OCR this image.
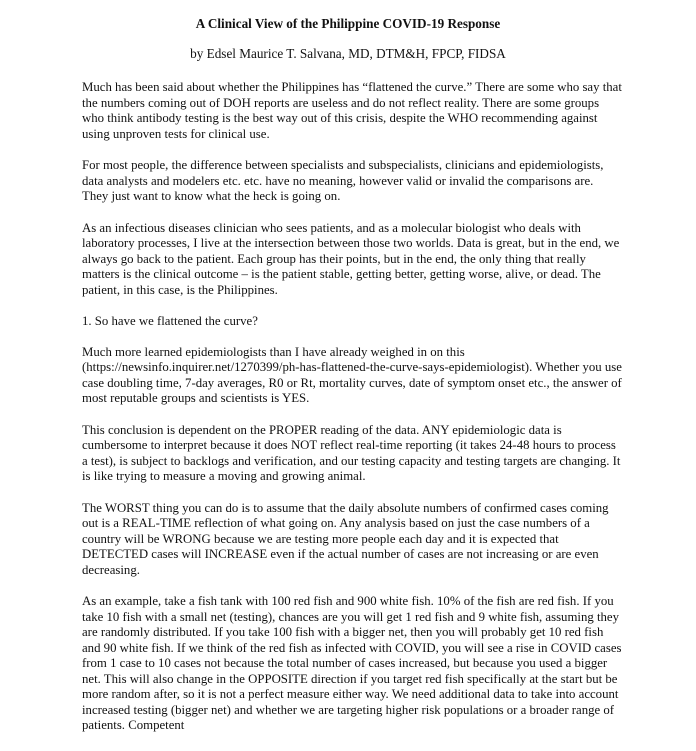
A Clinical View of the Philippine COVID-19 Response
by Edsel Maurice T. Salvana, MD, DTM&H, FPCP, FIDSA

Much has been said about whether the Philippines has “flattened the curve.” There are some who say that the numbers coming out of DOH reports are useless and do not reflect reality. There are some groups who think antibody testing is the best way out of this crisis, despite the WHO recommending against using unproven tests for clinical use.

For most people, the difference between specialists and subspecialists, clinicians and epidemiologists, data analysts and modelers etc. etc. have no meaning, however valid or invalid the comparisons are. They just want to know what the heck is going on.

As an infectious diseases clinician who sees patients, and as a molecular biologist who deals with laboratory processes, I live at the intersection between those two worlds. Data is great, but in the end, we always go back to the patient. Each group has their points, but in the end, the only thing that really matters is the clinical outcome – is the patient stable, getting better, getting worse, alive, or dead. The patient, in this case, is the Philippines.

1. So have we flattened the curve?

Much more learned epidemiologists than I have already weighed in on this (https://newsinfo.inquirer.net/1270399/ph-has-flattened-the-curve-says-epidemiologist). Whether you use case doubling time, 7-day averages, R0 or Rt, mortality curves, date of symptom onset etc., the answer of most reputable groups and scientists is YES.

This conclusion is dependent on the PROPER reading of the data. ANY epidemiologic data is cumbersome to interpret because it does NOT reflect real-time reporting (it takes 24-48 hours to process a test), is subject to backlogs and verification, and our testing capacity and testing targets are changing. It is like trying to measure a moving and growing animal.

The WORST thing you can do is to assume that the daily absolute numbers of confirmed cases coming out is a REAL-TIME reflection of what going on. Any analysis based on just the case numbers of a country will be WRONG because we are testing more people each day and it is expected that DETECTED cases will INCREASE even if the actual number of cases are not increasing or are even decreasing.

As an example, take a fish tank with 100 red fish and 900 white fish. 10% of the fish are red fish. If you take 10 fish with a small net (testing), chances are you will get 1 red fish and 9 white fish, assuming they are randomly distributed. If you take 100 fish with a bigger net, then you will probably get 10 red fish and 90 white fish. If we think of the red fish as infected with COVID, you will see a rise in COVID cases from 1 case to 10 cases not because the total number of cases increased, but because you used a bigger net. This will also change in the OPPOSITE direction if you target red fish specifically at the start but be more random after, so it is not a perfect measure either way. We need additional data to take into account increased testing (bigger net) and whether we are targeting higher risk populations or a broader range of patients. Competent
